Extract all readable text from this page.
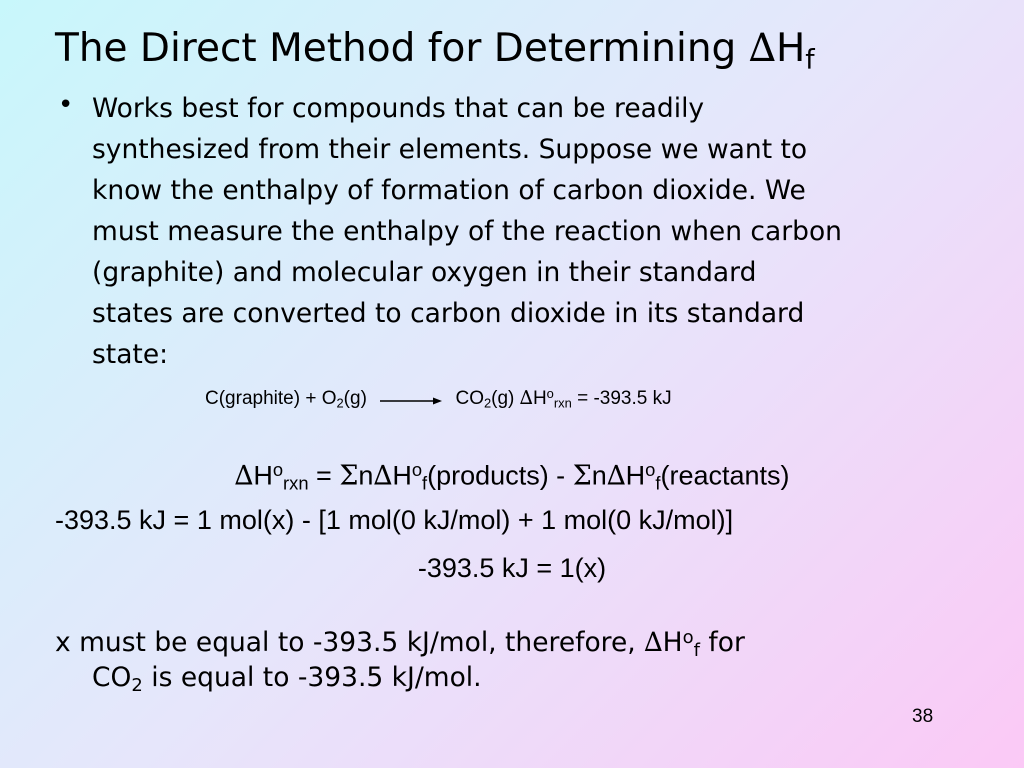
The Direct Method for Determining $\Delta H_f$
• Works best for compounds that can be readily
synthesized from their elements. Suppose we want to
know the enthalpy of formation of carbon dioxide. We
must measure the enthalpy of the reaction when carbon
(graphite) and molecular oxygen in their standard
states are converted to carbon dioxide in its standard
state:
C(graphite) + $O_2(g) \to CO_2(g) \Delta H^o_{rxn} = -393.5$ kJ
$\Delta H^o_{rxn}$ = $\Sigma n\Delta H^o_f(products)$ - $\Sigma n\Delta H^o_f(reactants)$
-393.5 kJ = 1 mol(x) - [1 mol(0 kJ/mol) + 1 mol(0 kJ/mol)]
-393.5 kJ = 1(x)
x must be equal to -393.5 kJ/mol, therefore, $\Delta H^o_f$ for
$CO_2$ is equal to -393.5 kJ/mol.
38
